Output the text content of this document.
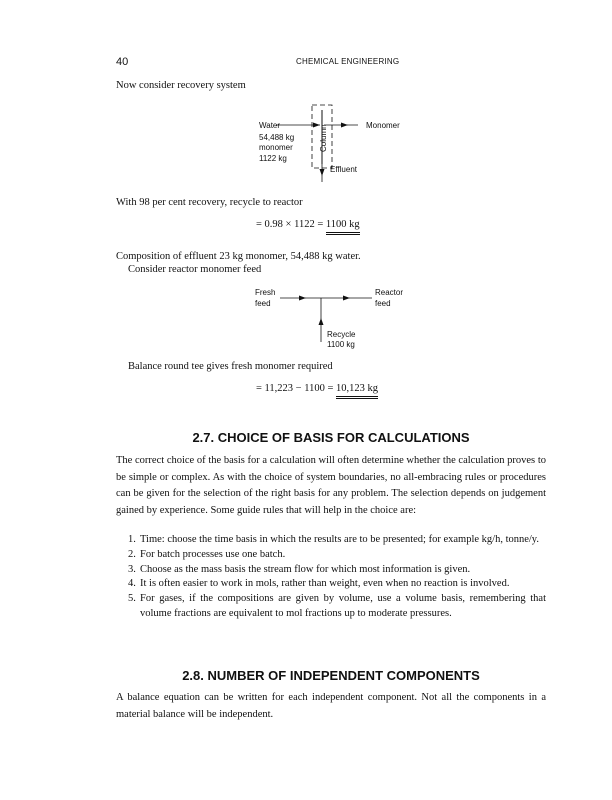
40	CHEMICAL ENGINEERING
Now consider recovery system
Water
54,488 kg
monomer
1122 kg
Column	Monomer
Effluent
With 98 per cent recovery, recycle to reactor
= 0.98 × 1122 = 1100 kg
Composition of effluent 23 kg monomer, 54,488 kg water.
Consider reactor monomer feed
Fresh
feed
Reactor
feed
Recycle
1100 kg
Balance round tee gives fresh monomer required
= 11,223 − 1100 = 10,123 kg
2.7. CHOICE OF BASIS FOR CALCULATIONS

The correct choice of the basis for a calculation will often determine whether the calculation proves to be simple or complex. As with the choice of system boundaries, no all-embracing rules or procedures can be given for the selection of the right basis for any problem. The selection depends on judgement gained by experience. Some guide rules that will help in the choice are:

1. Time: choose the time basis in which the results are to be presented; for example kg/h, tonne/y.
2. For batch processes use one batch.
3. Choose as the mass basis the stream flow for which most information is given.
4. It is often easier to work in mols, rather than weight, even when no reaction is involved.
5. For gases, if the compositions are given by volume, use a volume basis, remembering that volume fractions are equivalent to mol fractions up to moderate pressures.
2.8. NUMBER OF INDEPENDENT COMPONENTS

A balance equation can be written for each independent component. Not all the components in a material balance will be independent.
